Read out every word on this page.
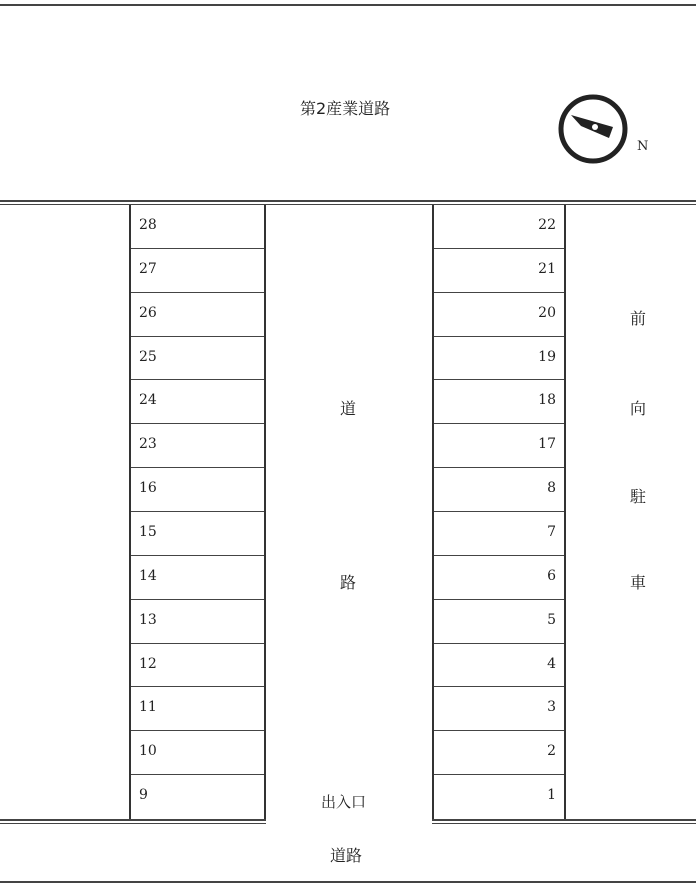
第2産業道路
N
28
27
26
25
24
23
16
15
14
13
12
11
10
9
22
21
20
19
18
17
8
7
6
5
4
3
2
1
道
路
出入口
前
向
駐
車
道路
